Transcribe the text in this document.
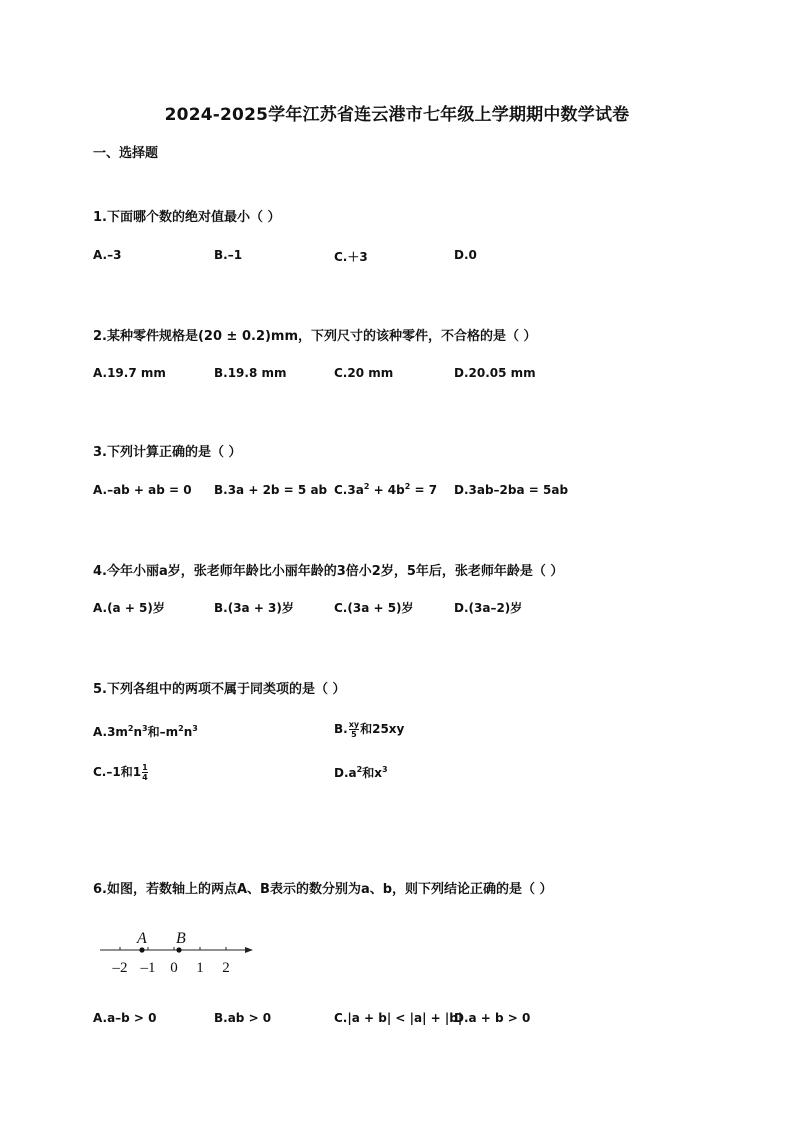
2024-2025学年江苏省连云港市七年级上学期期中数学试卷
一、选择题
1.下面哪个数的绝对值最小（ ）
A.–3	B.–1	C.＋3	D.0
2.某种零件规格是(20 ± 0.2)mm，下列尺寸的该种零件，不合格的是（ ）
A.19.7 mm	B.19.8 mm	C.20 mm	D.20.05 mm
3.下列计算正确的是（ ）
A.–ab + ab = 0 B.3a + 2b = 5 ab $C.3a^2 + 4b^2 = 7$ D.3ab–2ba = 5ab
4.今年小丽a岁，张老师年龄比小丽年龄的3倍小2岁，5年后，张老师年龄是（ ）
A.(a + 5)岁	B.(3a + 3)岁	C.(3a + 5)岁	D.(3a–2)岁
5.下列各组中的两项不属于同类项的是（ ）
$A.3m^2n^3$和$-m^2n^3$	B. $\frac{xy}{5}$ 和25xy
C.–1和$1 \frac{1}{4}$	$D.a^2$和$x^3$
6.如图，若数轴上的两点A、B表示的数分别为a、b，则下列结论正确的是（ ）
A B
–2 –1 0 1 2
A.a–b > 0	B.ab > 0	C.|a + b| < |a| + |b|
D.a + b > 0
